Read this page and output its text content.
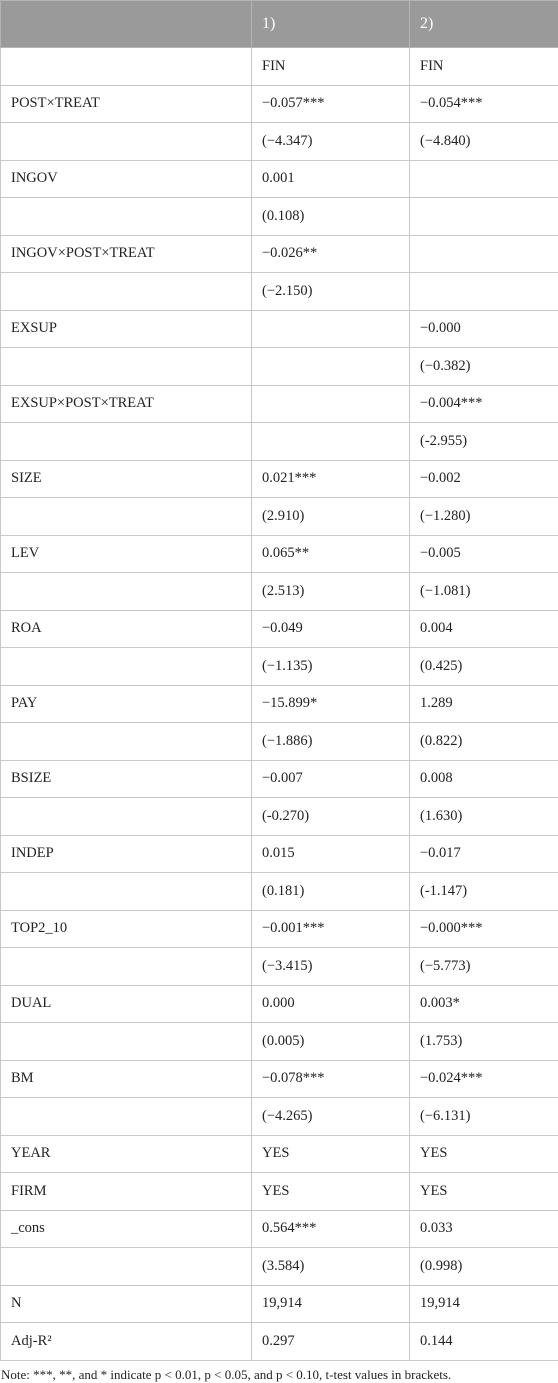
	1)	2)
	FIN	FIN
POST×TREAT	−0.057***	−0.054***
	(−4.347)	(−4.840)
INGOV	0.001	
	(0.108)	
INGOV×POST×TREAT	−0.026**	
	(−2.150)	
EXSUP		−0.000
		(−0.382)
EXSUP×POST×TREAT		−0.004***
		(-2.955)
SIZE	0.021***	−0.002
	(2.910)	(−1.280)
LEV	0.065**	−0.005
	(2.513)	(−1.081)
ROA	−0.049	0.004
	(−1.135)	(0.425)
PAY	−15.899*	1.289
	(−1.886)	(0.822)
BSIZE	−0.007	0.008
	(-0.270)	(1.630)
INDEP	0.015	−0.017
	(0.181)	(-1.147)
TOP2_10	−0.001***	−0.000***
	(−3.415)	(−5.773)
DUAL	0.000	0.003*
	(0.005)	(1.753)
BM	−0.078***	−0.024***
	(−4.265)	(−6.131)
YEAR	YES	YES
FIRM	YES	YES
_cons	0.564***	0.033
	(3.584)	(0.998)
N	19,914	19,914
Adj-R²	0.297	0.144
Note: ***, **, and * indicate p < 0.01, p < 0.05, and p < 0.10, t-test values in brackets.
